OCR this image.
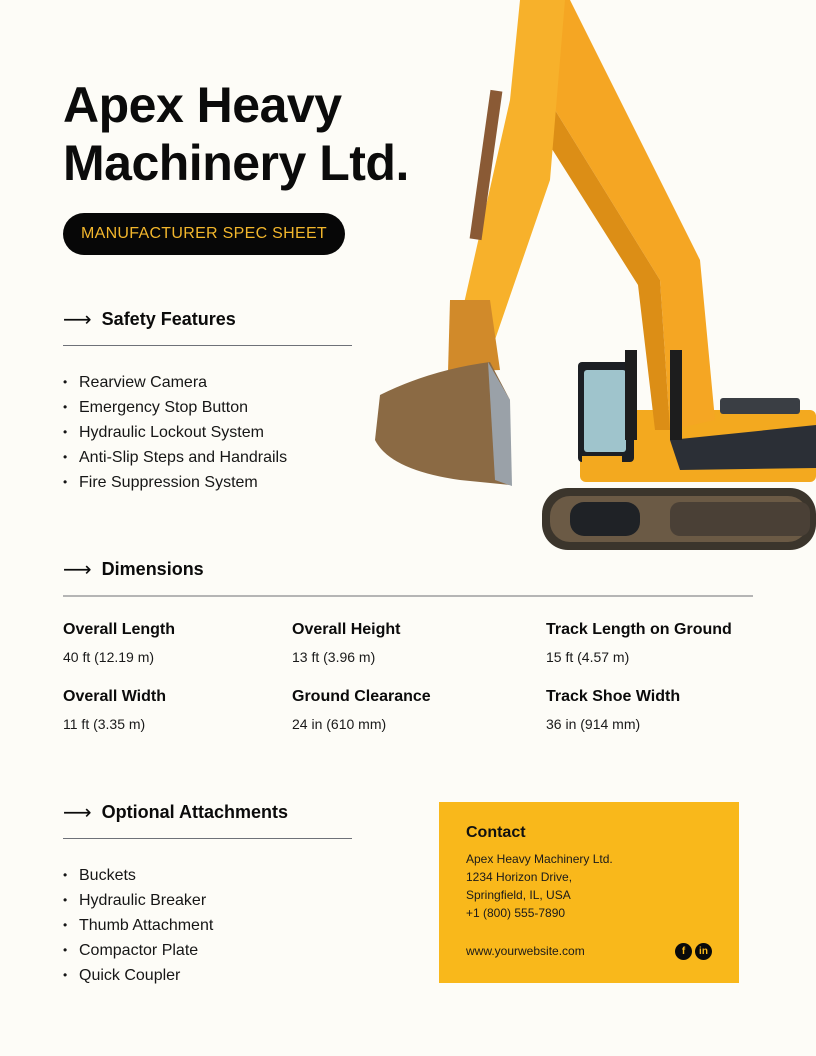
Apex Heavy Machinery Ltd.
MANUFACTURER SPEC SHEET
⟶ Safety Features
• Rearview Camera
• Emergency Stop Button
• Hydraulic Lockout System
• Anti-Slip Steps and Handrails
• Fire Suppression System
⟶ Dimensions
Overall Length
40 ft (12.19 m)
Overall Height
13 ft (3.96 m)
Track Length on Ground
15 ft (4.57 m)
Overall Width
11 ft (3.35 m)
Ground Clearance
24 in (610 mm)
Track Shoe Width
36 in (914 mm)
⟶ Optional Attachments
• Buckets
• Hydraulic Breaker
• Thumb Attachment
• Compactor Plate
• Quick Coupler
Contact
Apex Heavy Machinery Ltd.
1234 Horizon Drive,
Springfield, IL, USA
+1 (800) 555-7890
www.yourwebsite.com	f	in
